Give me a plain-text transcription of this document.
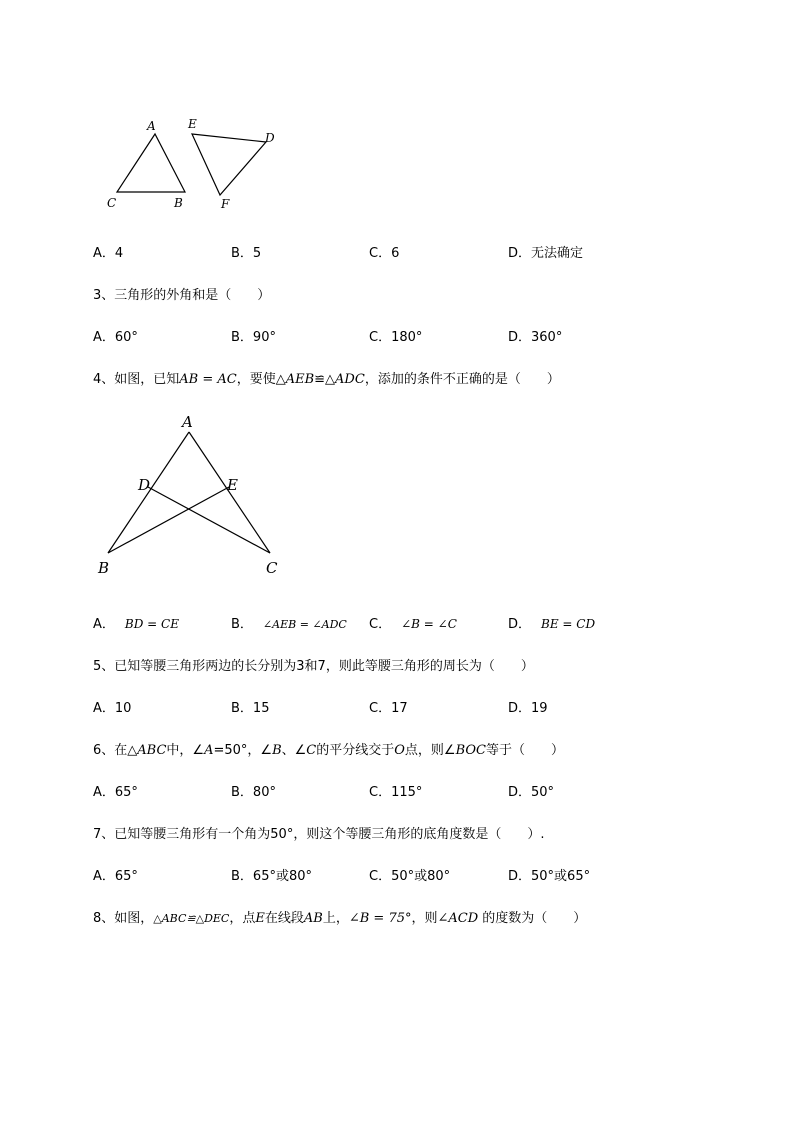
A
C	B
E
D
F
A．4	B．5	C．6	D．无法确定
3、三角形的外角和是（　　）
A．60°	B．90°	C．180°	D．360°
4、如图，已知AB = AC，要使△AEB≌△ADC，添加的条件不正确的是（　　）
A
D	E
B	C
A． BD = CE	B． ∠AEB = ∠ADC C． ∠B = ∠C	D． BE = CD
5、已知等腰三角形两边的长分别为3和7，则此等腰三角形的周长为（　　）
A．10	B．15	C．17	D．19
6、在△ABC中，∠A=50°，∠B、∠C的平分线交于O点，则∠BOC等于（　　）
A．65°	B．80°	C．115°	D．50°
7、已知等腰三角形有一个角为50°，则这个等腰三角形的底角度数是（　　）.
A．65°	B．65°或80°	C．50°或80°	D．50°或65°
8、如图，△ABC≌△DEC，点E在线段AB上，∠B = 75°，则∠ACD 的度数为（　　）
